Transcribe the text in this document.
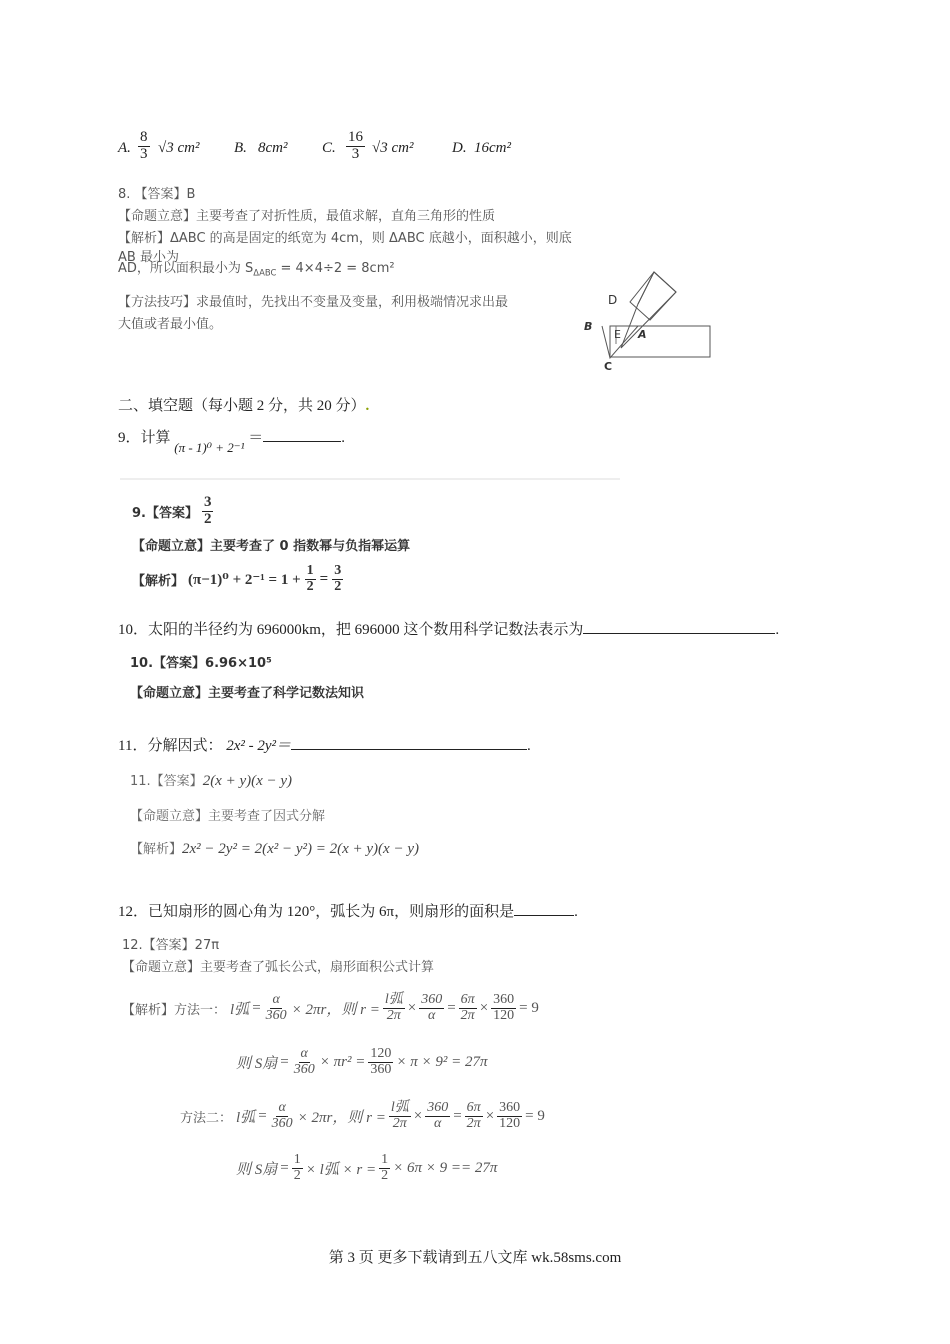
A. $\frac{8}{3} √3$ cm² B. 8cm² C. $\frac{16}{3} √3$ cm²	D. 16cm²
8. 【答案】B
【命题立意】主要考查了对折性质，最值求解，直角三角形的性质
【解析】ΔABC 的高是固定的纸宽为 4cm，则 ΔABC 底越小，面积越小，则底 AB 最小为
AD，所以面积最小为 $S_{\Delta ABC} = 4\times 4\div 2 = 8cm^2$
【方法技巧】求最值时，先找出不变量及变量，利用极端情况求出最
大值或者最小值。
D
B
E A
C
二、填空题（每小题 2 分，共 20 分）.
9．计算 (π - 1)⁰ + 2⁻¹ ＝	.
9.【答案】 $\frac{3}{2}$
【命题立意】主要考查了 0 指数幂与负指幂运算
【解析】 $(\pi-1)^0 + 2^{-1} = 1 + \frac{1}{2} = \frac{3}{2}$
10．太阳的半径约为 696000km，把 696000 这个数用科学记数法表示为	.
10.【答案】6.96×10⁵
【命题立意】主要考查了科学记数法知识
11．分解因式： 2x² - 2y²＝	.
11.【答案】2(x + y)(x − y)
【命题立意】主要考查了因式分解
【解析】2x² − 2y² = 2(x² − y²) = 2(x + y)(x − y)
12．已知扇形的圆心角为 120°，弧长为 6π，则扇形的面积是	.
12.【答案】27π
【命题立意】主要考查了弧长公式，扇形面积公式计算
【解析】方法一： l弧 = $\frac{\alpha}{360} \times 2\pi r$，则 $r = \frac{\text{l弧}}{2\pi} \times \frac{360}{\alpha} = \frac{6\pi}{2\pi} \times \frac{360}{120} = 9$
则 S扇 = $\frac{\alpha}{360} \times \pi r^2 = \frac{120}{360} \times \pi \times 9^2 = 27\pi$
方法二： l弧 = $\frac{\alpha}{360} \times 2\pi r$，则 $r = \frac{\text{l弧}}{2\pi} \times \frac{360}{\alpha} = \frac{6\pi}{2\pi} \times \frac{360}{120} = 9$
则 S扇 = $\frac{1}{2} \times l$弧 × $r = \frac{1}{2} \times 6\pi \times 9 == 27\pi$
第 3 页 更多下载请到五八文库 wk.58sms.com
